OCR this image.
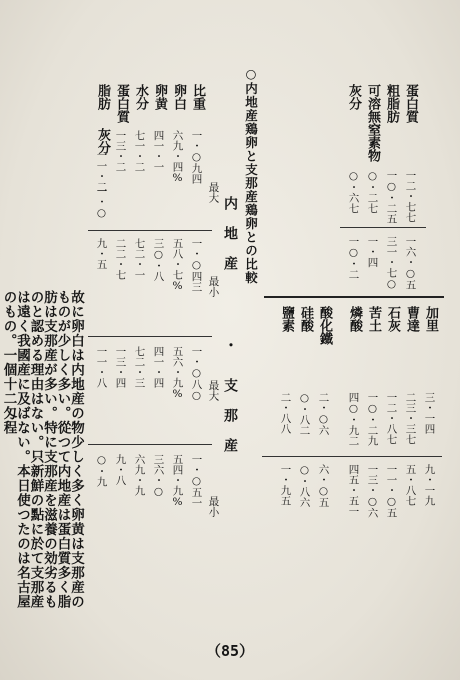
蛋白質
粗脂肪
可溶無窒素物
灰分
一二・七七
一○・二五
○・二七
○・六七
一六・○五
三一・七○
一・四
一○・二
加里
曹達
石灰
苦土
燐酸
酸化鐵
硅酸
鹽素
三・一四
二三・三七
一二・八七
一○・二九
四○・九二
二・○六
○・八二
二・八八
九・一九
五・八七
一一・○五
一三・○六
四五・五一
六・○五
○・八六
一・九五
○内地産鶏卵と支那産鶏卵との比較
内 地 産
最大
最小
・
支 那 産
最大
最小
比重
卵白
卵黄
水分
蛋白質
脂肪
灰分	一・○九四
六九・四%
四一・一
七一・二
一三・二
一一・二
一・○
一・○四三
五八・七%
三○・八
七二・一
二二・七
九・五
一・○八○
五六・九%
四一・四
七二・三
一三・四
一一・八
一・○五一
五四・九%
三六・○
六九・九
九・八
○・九
故に卵白は内地産の物少しく多く卵黄は支那産のものが少しく多い。從つて内地産は蛋白質多く脂肪は支那産が多い。特に支那産を滋養の効劣るものと認める理由はない。只新鮮の點に於て支那産は遠く我國産に及ばない。本日使つたのは名古屋のもの。一個十二匁程
（85）
